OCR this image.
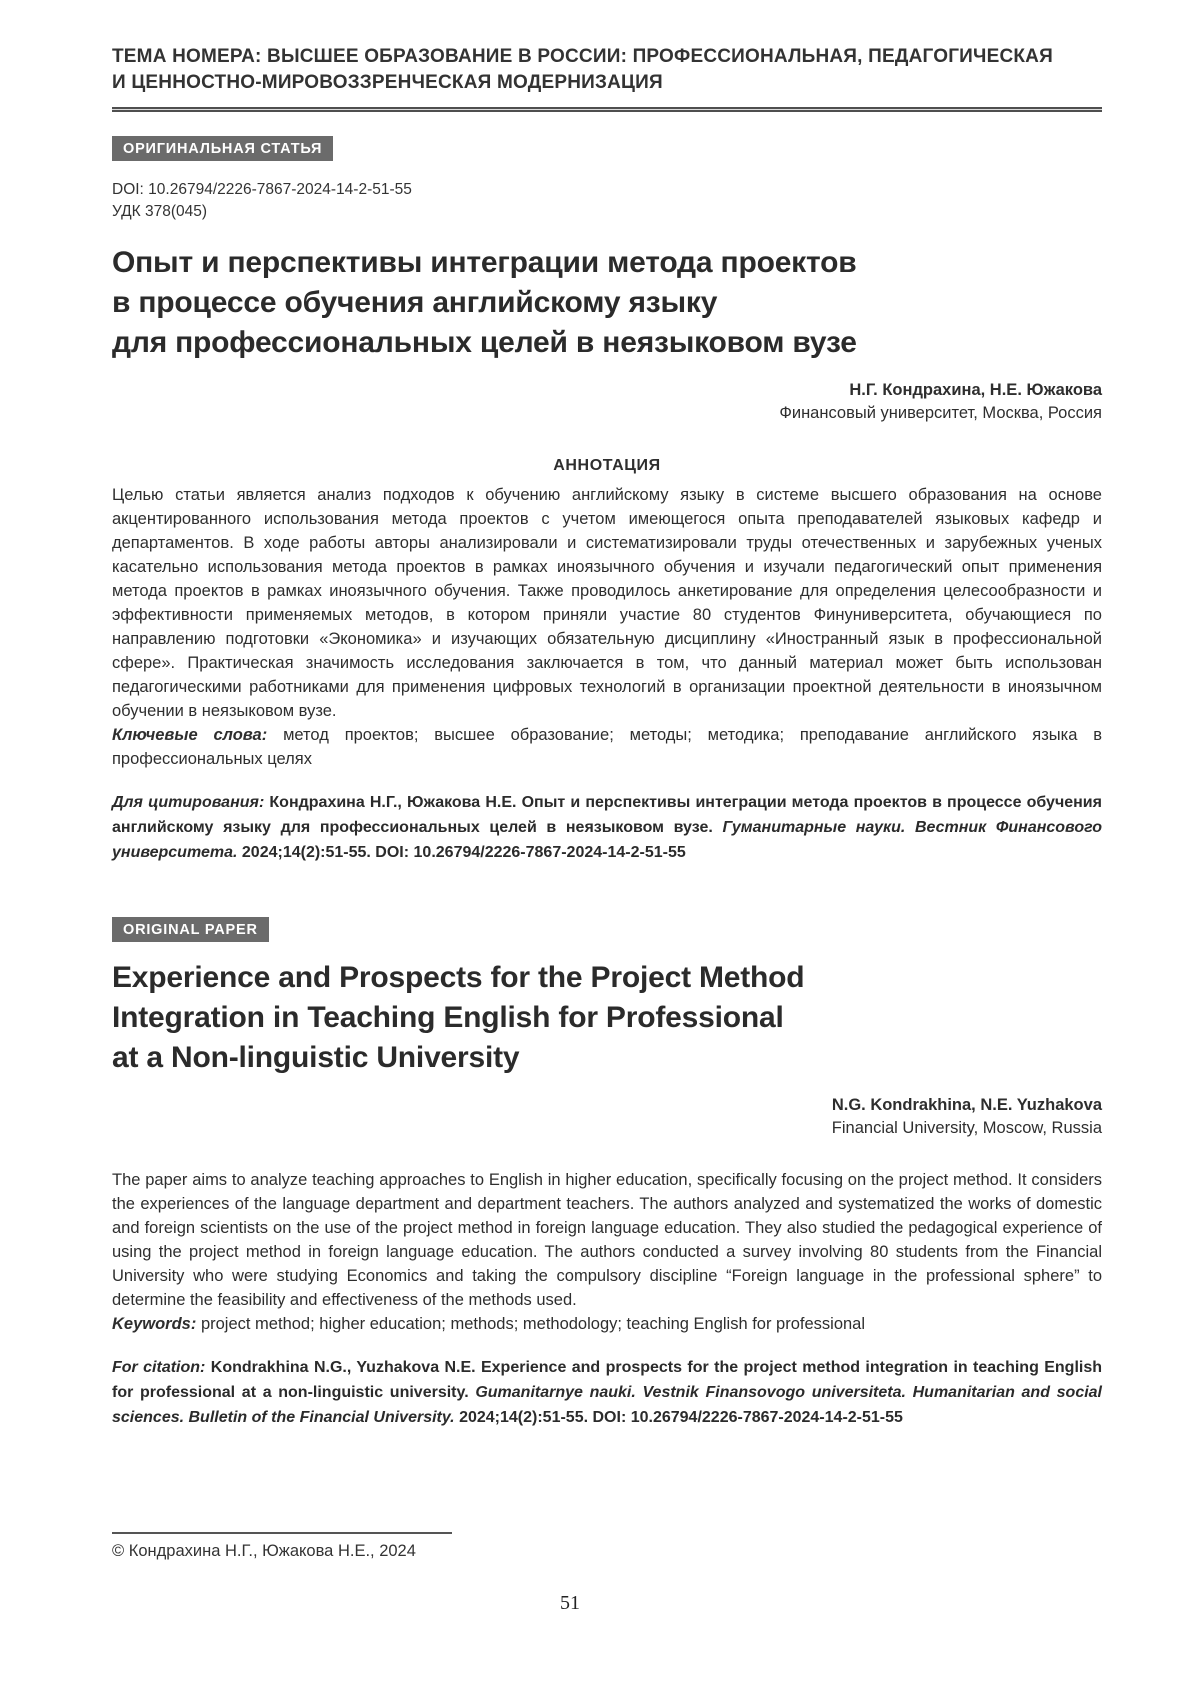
ТЕМА НОМЕРА: ВЫСШЕЕ ОБРАЗОВАНИЕ В РОССИИ: ПРОФЕССИОНАЛЬНАЯ, ПЕДАГОГИЧЕСКАЯ
И ЦЕННОСТНО-МИРОВОЗЗРЕНЧЕСКАЯ МОДЕРНИЗАЦИЯ
ОРИГИНАЛЬНАЯ СТАТЬЯ
DOI: 10.26794/2226-7867-2024-14-2-51-55
УДК 378(045)
Опыт и перспективы интеграции метода проектов
в процессе обучения английскому языку
для профессиональных целей в неязыковом вузе
Н.Г. Кондрахина, Н.Е. Южакова
Финансовый университет, Москва, Россия
АННОТАЦИЯ
Целью статьи является анализ подходов к обучению английскому языку в системе высшего образования на основе акцентированного использования метода проектов с учетом имеющегося опыта преподавателей языковых кафедр и департаментов. В ходе работы авторы анализировали и систематизировали труды отечественных и зарубежных ученых касательно использования метода проектов в рамках иноязычного обучения и изучали педагогический опыт применения метода проектов в рамках иноязычного обучения. Также проводилось анкетирование для определения целесообразности и эффективности применяемых методов, в котором приняли участие 80 студентов Финуниверситета, обучающиеся по направлению подготовки «Экономика» и изучающих обязательную дисциплину «Иностранный язык в профессиональной сфере». Практическая значимость исследования заключается в том, что данный материал может быть использован педагогическими работниками для применения цифровых технологий в организации проектной деятельности в иноязычном обучении в неязыковом вузе.
Ключевые слова: метод проектов; высшее образование; методы; методика; преподавание английского языка в профессиональных целях
Для цитирования: Кондрахина Н.Г., Южакова Н.Е. Опыт и перспективы интеграции метода проектов в процессе обучения английскому языку для профессиональных целей в неязыковом вузе. Гуманитарные науки. Вестник Финансового университета. 2024;14(2):51-55. DOI: 10.26794/2226-7867-2024-14-2-51-55
ORIGINAL PAPER
Experience and Prospects for the Project Method
Integration in Teaching English for Professional
at a Non-linguistic University
N.G. Kondrakhina, N.E. Yuzhakova
Financial University, Moscow, Russia
The paper aims to analyze teaching approaches to English in higher education, specifically focusing on the project method. It considers the experiences of the language department and department teachers. The authors analyzed and systematized the works of domestic and foreign scientists on the use of the project method in foreign language education. They also studied the pedagogical experience of using the project method in foreign language education. The authors conducted a survey involving 80 students from the Financial University who were studying Economics and taking the compulsory discipline “Foreign language in the professional sphere” to determine the feasibility and effectiveness of the methods used.
Keywords: project method; higher education; methods; methodology; teaching English for professional
For citation: Kondrakhina N.G., Yuzhakova N.E. Experience and prospects for the project method integration in teaching English for professional at a non-linguistic university. Gumanitarnye nauki. Vestnik Finansovogo universiteta. Humanitarian and social sciences. Bulletin of the Financial University. 2024;14(2):51-55. DOI: 10.26794/2226-7867-2024-14-2-51-55
© Кондрахина Н.Г., Южакова Н.Е., 2024
51
